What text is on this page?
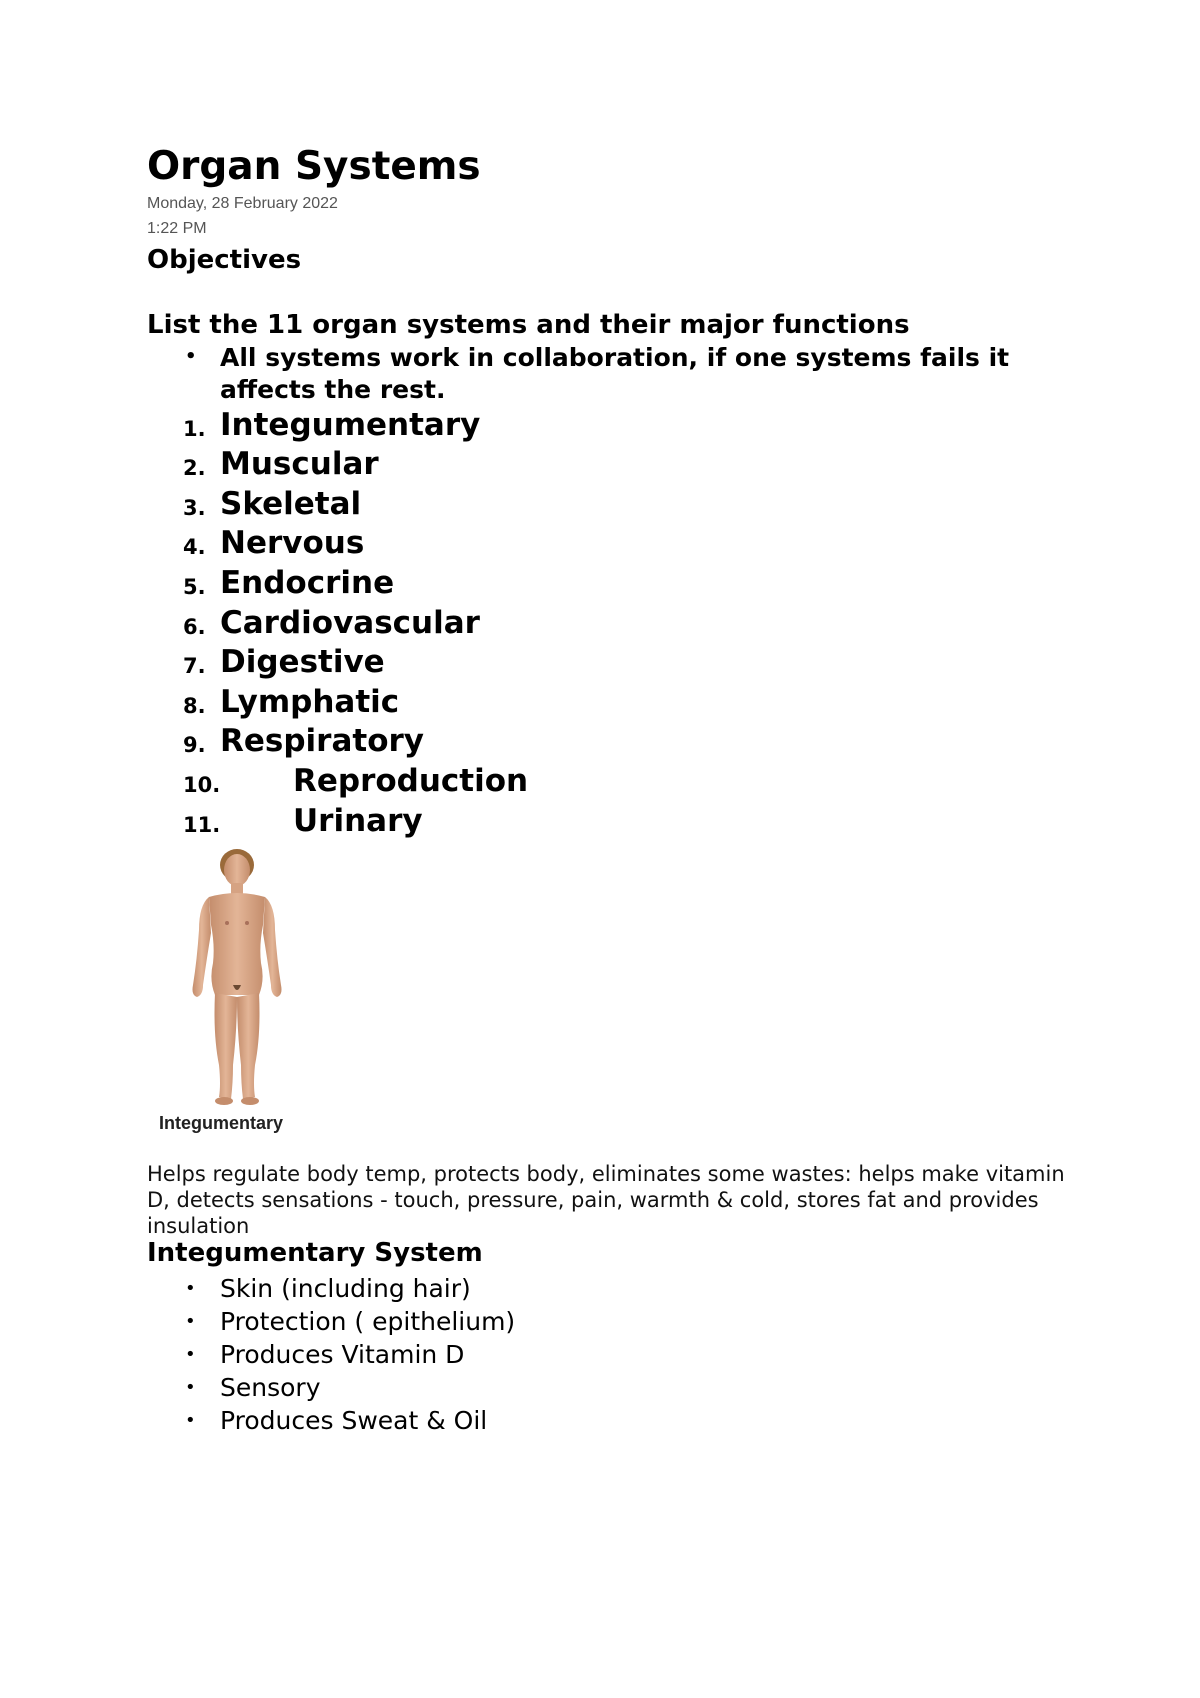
Organ Systems
Monday, 28 February 2022
1:22 PM
Objectives
List the 11 organ systems and their major functions
• All systems work in collaboration, if one systems fails it affects the rest.
1. Integumentary
2. Muscular
3. Skeletal
4. Nervous
5. Endocrine
6. Cardiovascular
7. Digestive
8. Lymphatic
9. Respiratory
10. Reproduction
11. Urinary
Integumentary
Helps regulate body temp, protects body, eliminates some wastes: helps make vitamin D, detects sensations - touch, pressure, pain, warmth & cold, stores fat and provides insulation
Integumentary System
• Skin (including hair)
• Protection ( epithelium)
• Produces Vitamin D
• Sensory
• Produces Sweat & Oil
